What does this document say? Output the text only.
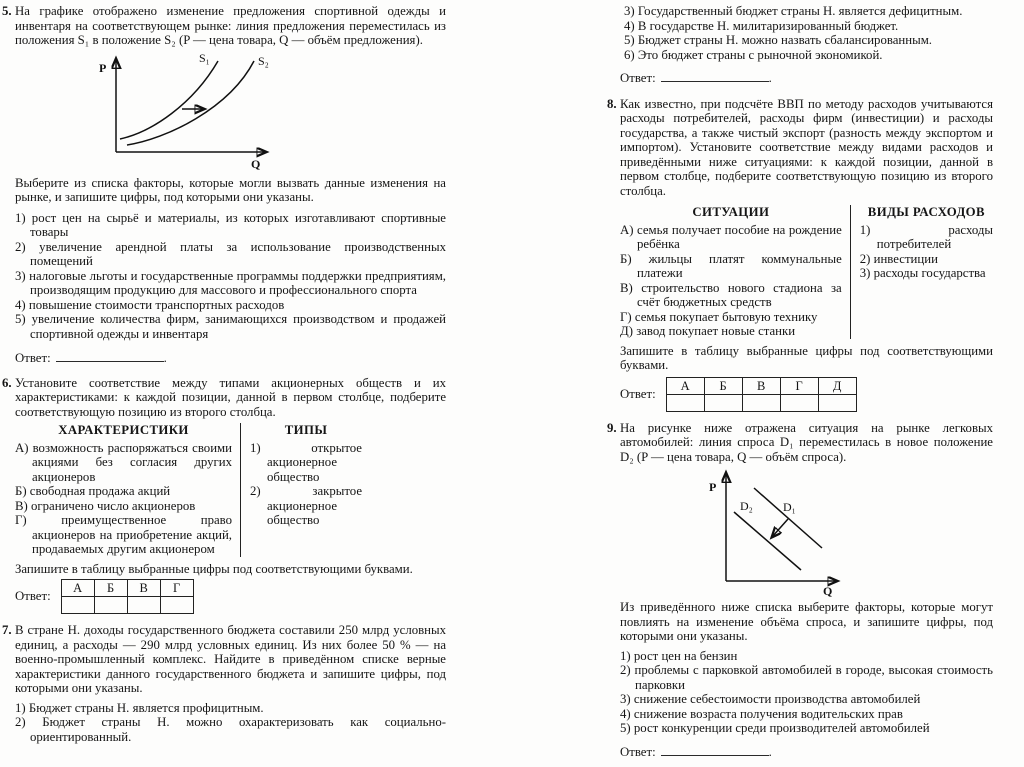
5. На графике отображено изменение предложения спортивной одежды и инвентаря на соответствующем рынке: линия предложения переместилась из положения S₁ в положение S₂ (P — цена товара, Q — объём предложения).

P
Q
S₁	S₂

Выберите из списка факторы, которые могли вызвать данные изменения на рынке, и запишите цифры, под которыми они указаны.

1) рост цен на сырьё и материалы, из которых изготавливают спортивные товары
2) увеличение арендной платы за использование производственных помещений
3) налоговые льготы и государственные программы поддержки предприятиям, производящим продукцию для массового и профессионального спорта
4) повышение стоимости транспортных расходов
5) увеличение количества фирм, занимающихся производством и продажей спортивной одежды и инвентаря
Ответ:	.
6. Установите соответствие между типами акционерных обществ и их характеристиками: к каждой позиции, данной в первом столбце, подберите соответствующую позицию из второго столбца.

ХАРАКТЕРИСТИКИ
А) возможность распоряжаться своими акциями без согласия других акционеров
Б) свободная продажа акций
В) ограничено число акционеров
Г) преимущественное право акционеров на приобретение акций, продаваемых другим акционером
ТИПЫ
1) открытое акционерное общество
2) закрытое акционерное общество

Запишите в таблицу выбранные цифры под соответствующими буквами.

Ответ:
А	Б	В	Г

7. В стране Н. доходы государственного бюджета составили 250 млрд условных единиц, а расходы — 290 млрд условных единиц. Из них более 50 % — на военно-промышленный комплекс. Найдите в приведённом списке верные характеристики данного государственного бюджета и запишите цифры, под которыми они указаны.

1) Бюджет страны Н. является профицитным.
2) Бюджет страны Н. можно охарактеризовать как социально-ориентированный.
3) Государственный бюджет страны Н. является дефицитным.
4) В государстве Н. милитаризированный бюджет.
5) Бюджет страны Н. можно назвать сбалансированным.
6) Это бюджет страны с рыночной экономикой.
Ответ:	.
8. Как известно, при подсчёте ВВП по методу расходов учитываются расходы потребителей, расходы фирм (инвестиции) и расходы государства, а также чистый экспорт (разность между экспортом и импортом). Установите соответствие между видами расходов и приведёнными ниже ситуациями: к каждой позиции, данной в первом столбце, подберите соответствующую позицию из второго столбца.

СИТУАЦИИ
А) семья получает пособие на рождение ребёнка
Б) жильцы платят коммунальные платежи
В) строительство нового стадиона за счёт бюджетных средств
Г) семья покупает бытовую технику
Д) завод покупает новые станки
ВИДЫ РАСХОДОВ
1) расходы потребителей
2) инвестиции
3) расходы государства

Запишите в таблицу выбранные цифры под соответствующими буквами.

Ответ:
А	Б	В	Г	Д

9. На рисунке ниже отражена ситуация на рынке легковых автомобилей: линия спроса D₁ переместилась в новое положение D₂ (P — цена товара, Q — объём спроса).

P
Q
D₁
D₂

Из приведённого ниже списка выберите факторы, которые могут повлиять на изменение объёма спроса, и запишите цифры, под которыми они указаны.

1) рост цен на бензин
2) проблемы с парковкой автомобилей в городе, высокая стоимость парковки
3) снижение себестоимости производства автомобилей
4) снижение возраста получения водительских прав
5) рост конкуренции среди производителей автомобилей
Ответ:	.
